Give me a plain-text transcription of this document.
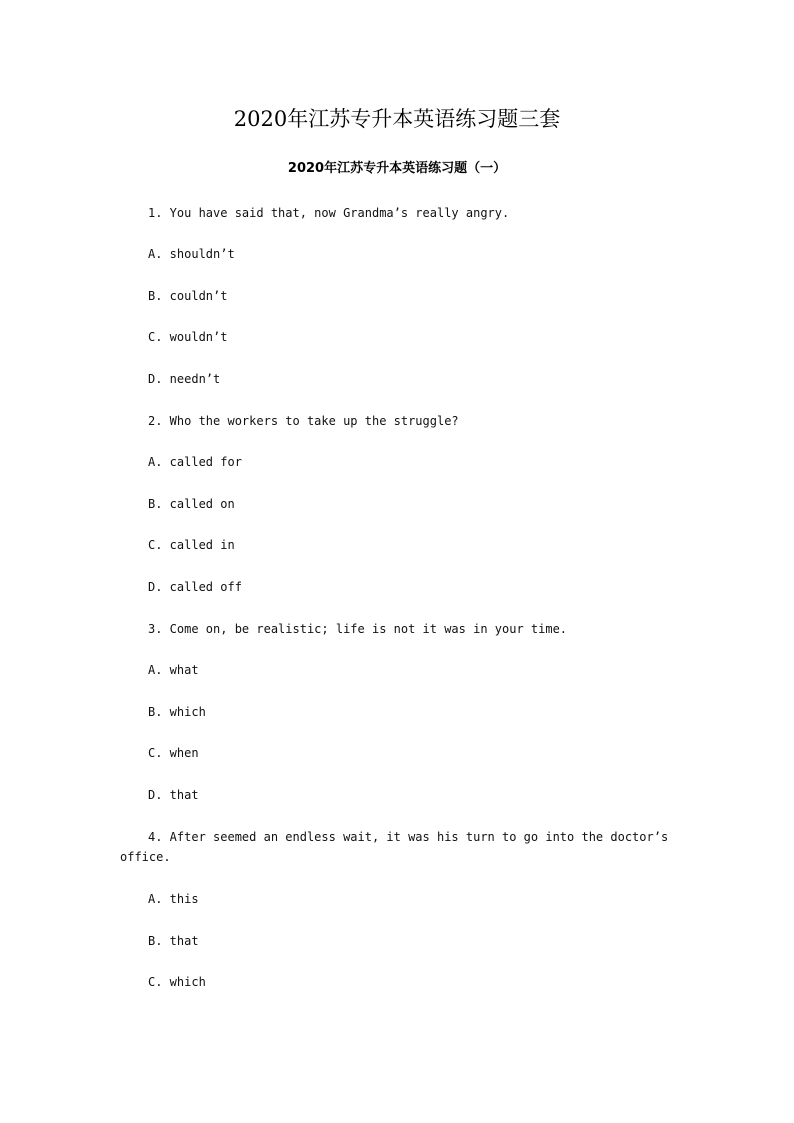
2020年江苏专升本英语练习题三套
2020年江苏专升本英语练习题（一）
1. You have said that, now Grandma’s really angry.
A. shouldn’t
B. couldn’t
C. wouldn’t
D. needn’t
2. Who the workers to take up the struggle?
A. called for
B. called on
C. called in
D. called off
3. Come on, be realistic; life is not it was in your time.
A. what
B. which
C. when
D. that
4. After seemed an endless wait, it was his turn to go into the doctor’s
office.
A. this
B. that
C. which
